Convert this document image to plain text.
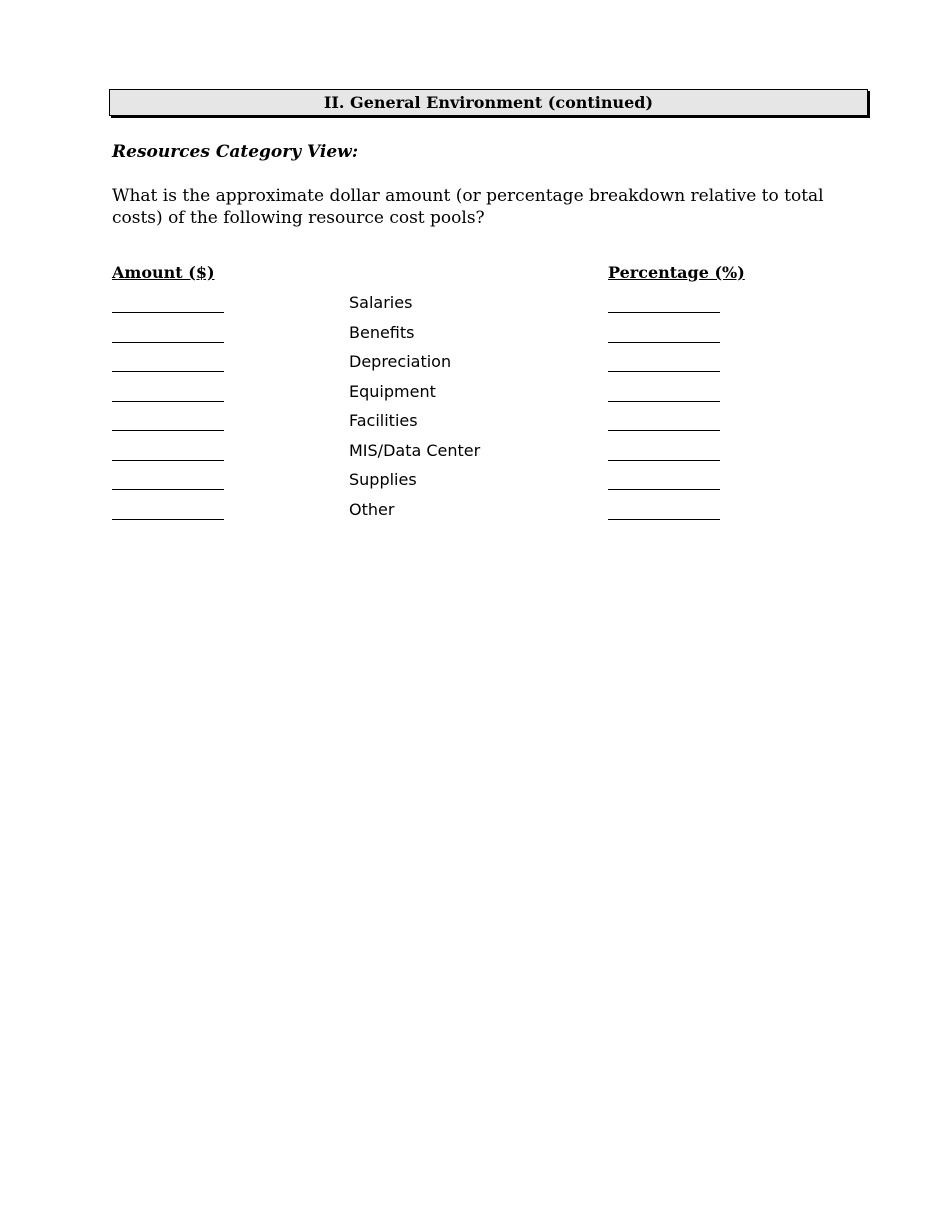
II. General Environment (continued)

Resources Category View:

What is the approximate dollar amount (or percentage breakdown relative to total costs) of the following resource cost pools?

Amount ($)	Percentage (%)
Salaries
Benefits
Depreciation
Equipment
Facilities
MIS/Data Center
Supplies
Other
